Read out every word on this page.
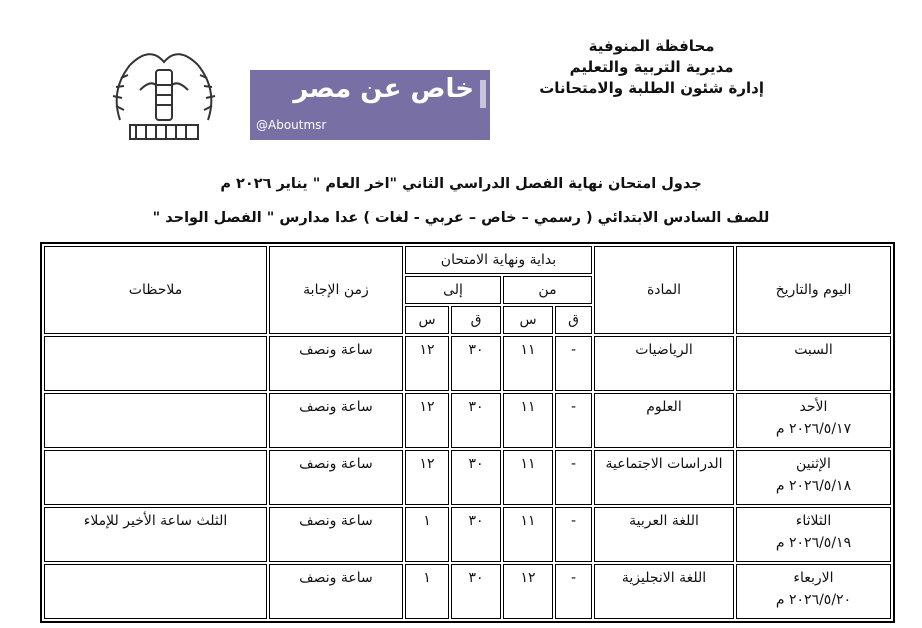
محافظة المنوفية
مديرية التربية والتعليم
إدارة شئون الطلبة والامتحانات
خاص عن مصر
@Aboutmsr
جدول امتحان نهاية الفصل الدراسي الثاني "اخر العام " يناير ٢٠٢٦ م
للصف السادس الابتدائي ( رسمي – خاص – عربي - لغات ) عدا مدارس " الفصل الواحد "
اليوم والتاريخ	المادة	بداية ونهاية الامتحان				زمن الإجابة	ملاحظات
		من		إلى			
		ق	س	ق	س		

السبت	الرياضيات	-	١١	٣٠	١٢	ساعة ونصف	

الأحد
٢٠٢٦/٥/١٧ م	العلوم	-	١١	٣٠	١٢	ساعة ونصف	

الإثنين
٢٠٢٦/٥/١٨ م	الدراسات الاجتماعية	-	١١	٣٠	١٢	ساعة ونصف	

الثلاثاء
٢٠٢٦/٥/١٩ م	اللغة العربية	-	١١	٣٠	١	ساعة ونصف	الثلث ساعة الأخير للإملاء

الاربعاء
٢٠٢٦/٥/٢٠ م	اللغة الانجليزية	-	١٢	٣٠	١	ساعة ونصف	
